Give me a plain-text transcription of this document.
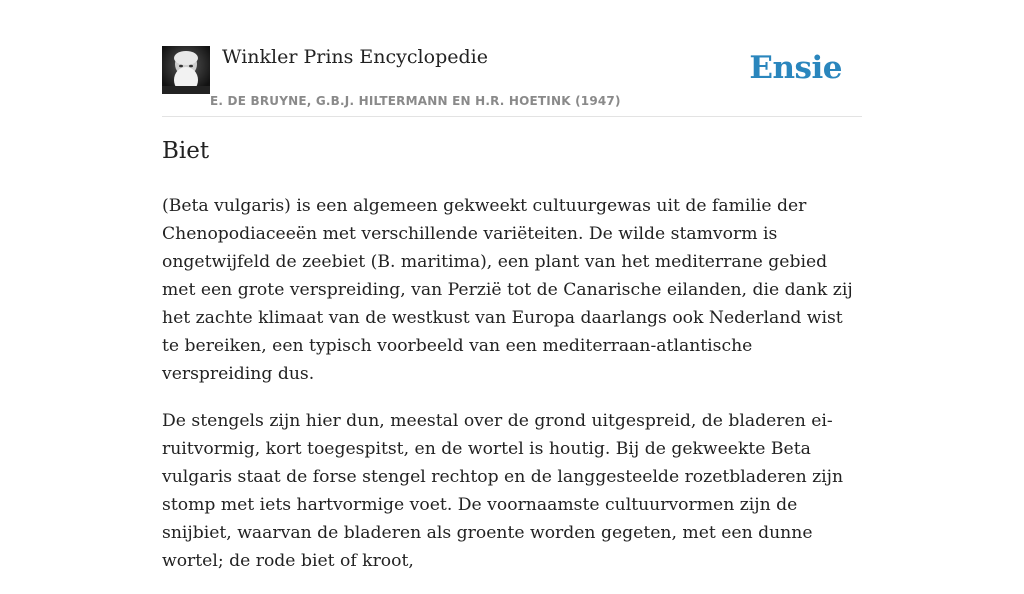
Winkler Prins Encyclopedie
E. DE BRUYNE, G.B.J. HILTERMANN EN H.R. HOETINK (1947)
Ensie
Biet

(Beta vulgaris) is een algemeen gekweekt cultuurgewas uit de familie der Chenopodiaceeën met verschillende variëteiten. De wilde stamvorm is ongetwijfeld de zeebiet (B. maritima), een plant van het mediterrane gebied met een grote verspreiding, van Perzië tot de Canarische eilanden, die dank zij het zachte klimaat van de westkust van Europa daarlangs ook Nederland wist te bereiken, een typisch voorbeeld van een mediterraan-atlantische verspreiding dus.

De stengels zijn hier dun, meestal over de grond uitgespreid, de bladeren ei-ruitvormig, kort toegespitst, en de wortel is houtig. Bij de gekweekte Beta vulgaris staat de forse stengel rechtop en de langgesteelde rozetbladeren zijn stomp met iets hartvormige voet. De voornaamste cultuurvormen zijn de snijbiet, waarvan de bladeren als groente worden gegeten, met een dunne wortel; de rode biet of kroot,
